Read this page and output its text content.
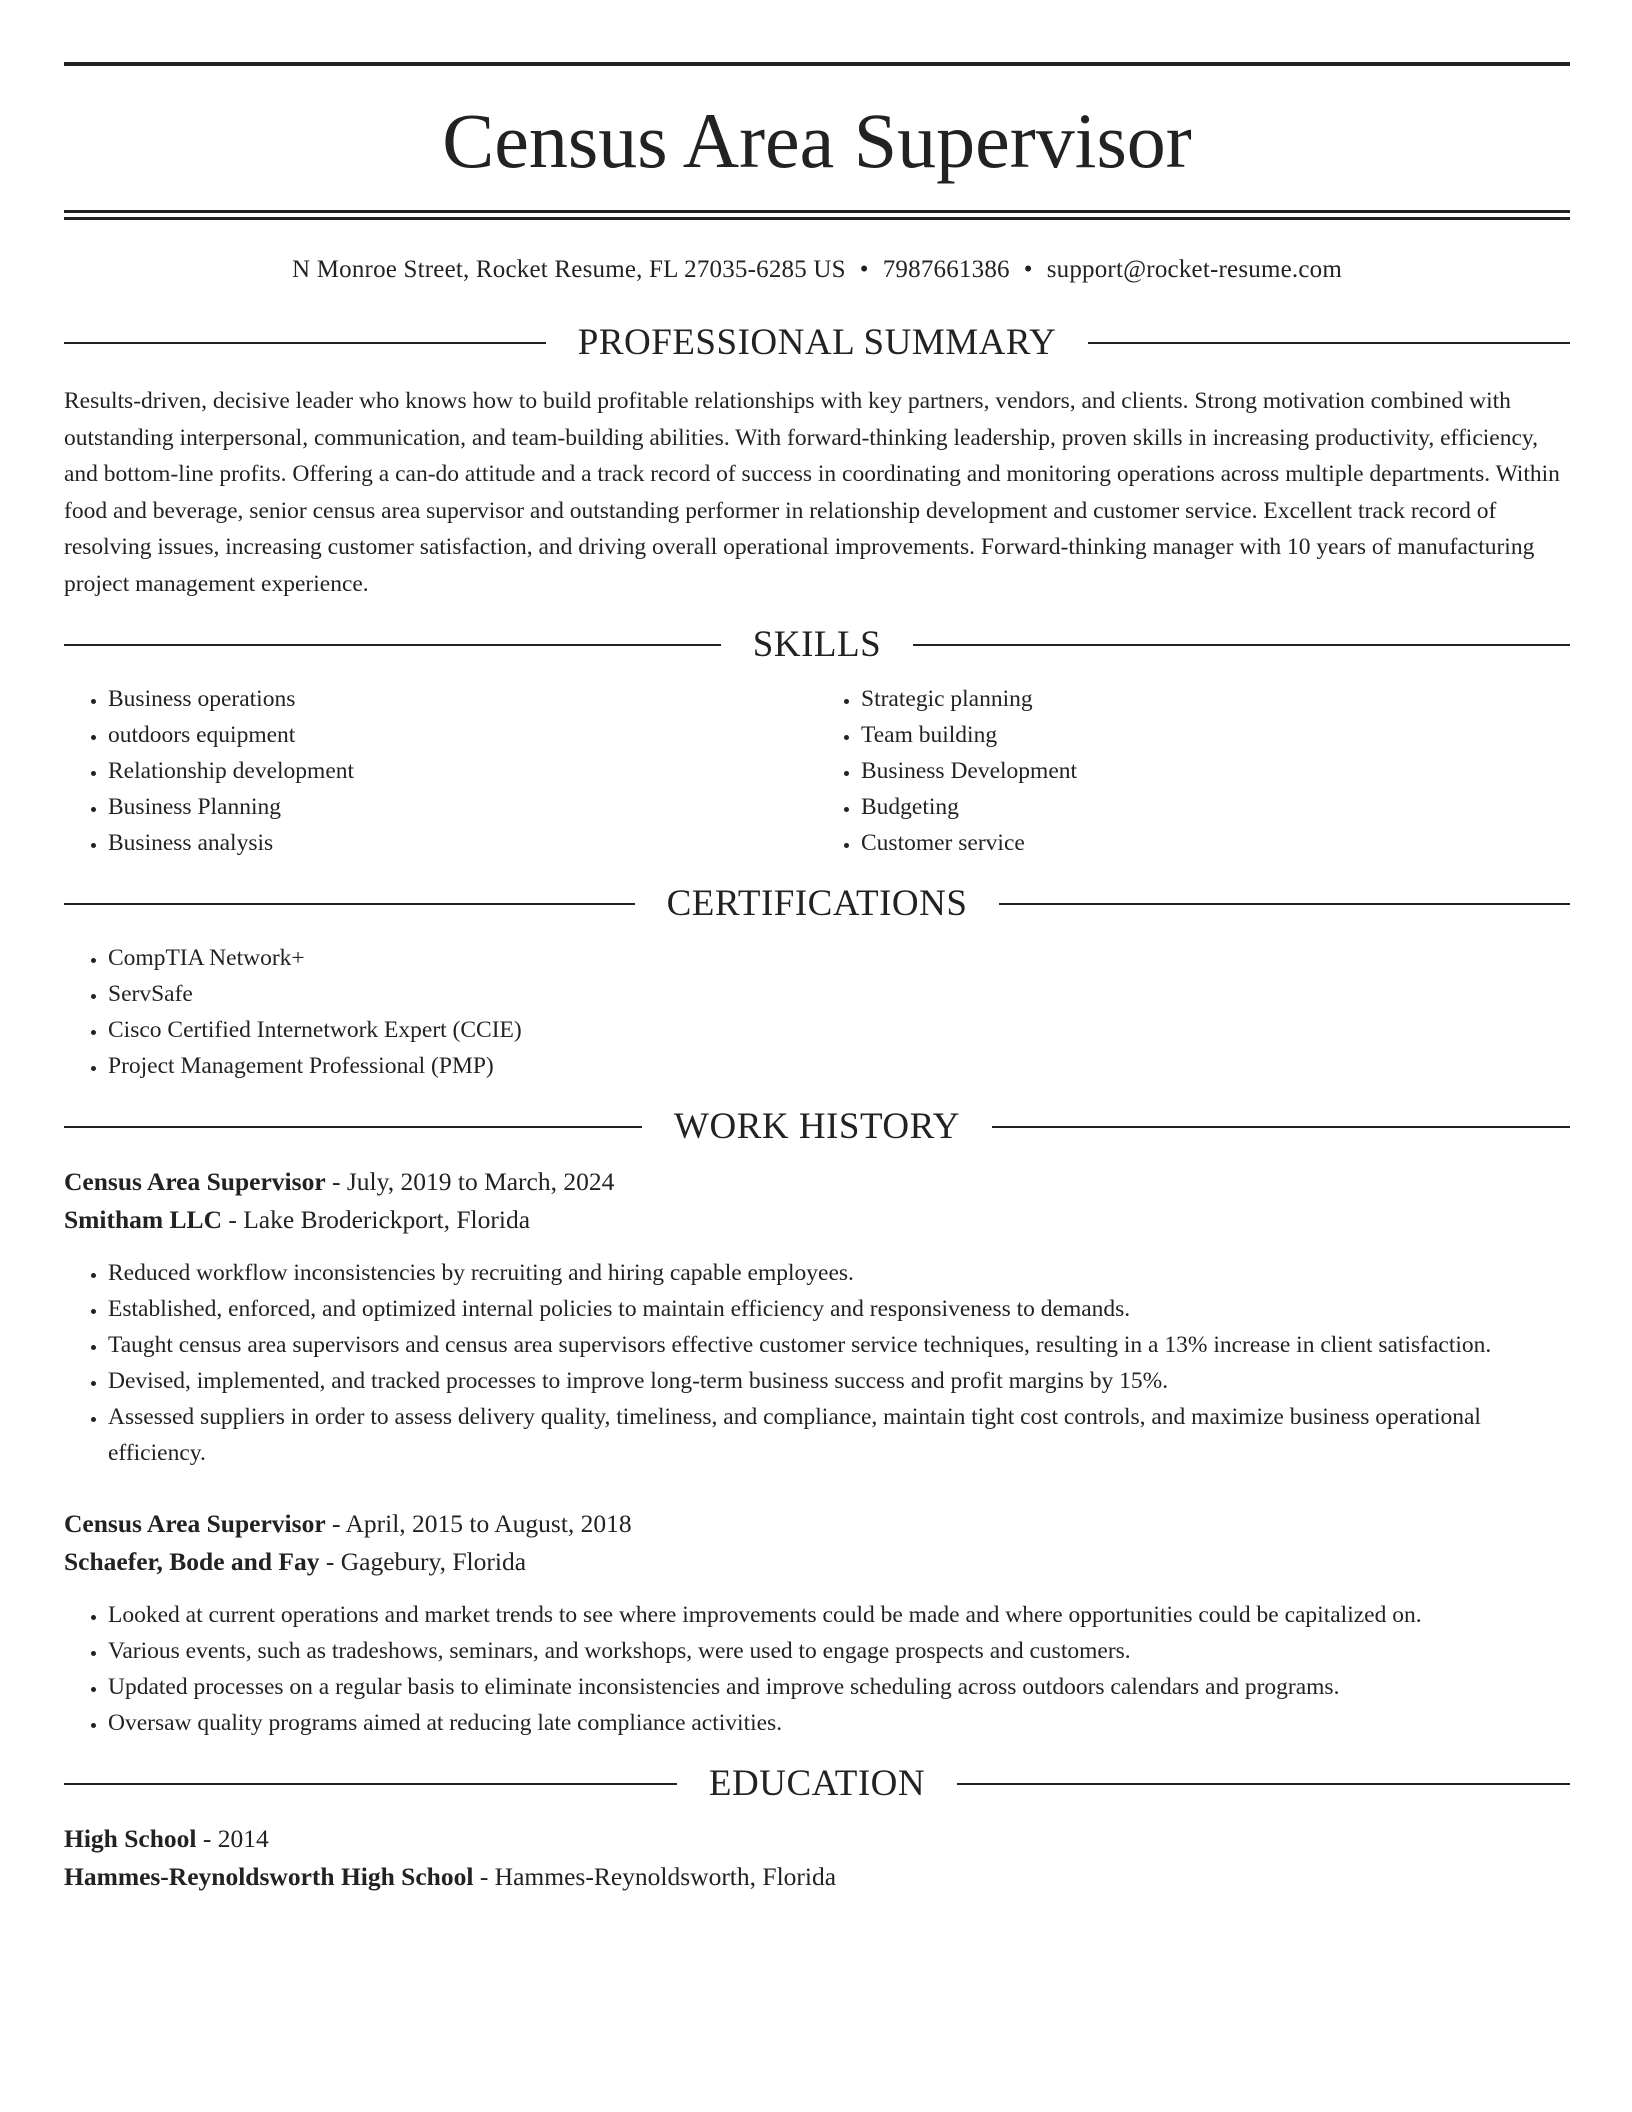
Census Area Supervisor
N Monroe Street, Rocket Resume, FL 27035-6285 US • 7987661386 • support@rocket-resume.com
PROFESSIONAL SUMMARY

Results-driven, decisive leader who knows how to build profitable relationships with key partners, vendors, and clients. Strong motivation combined with outstanding interpersonal, communication, and team-building abilities. With forward-thinking leadership, proven skills in increasing productivity, efficiency, and bottom-line profits. Offering a can-do attitude and a track record of success in coordinating and monitoring operations across multiple departments. Within food and beverage, senior census area supervisor and outstanding performer in relationship development and customer service. Excellent track record of resolving issues, increasing customer satisfaction, and driving overall operational improvements. Forward-thinking manager with 10 years of manufacturing project management experience.

SKILLS
• Business operations
• outdoors equipment
• Relationship development
• Business Planning
• Business analysis
• Strategic planning
• Team building
• Business Development
• Budgeting
• Customer service
CERTIFICATIONS
• CompTIA Network+
• ServSafe
• Cisco Certified Internetwork Expert (CCIE)
• Project Management Professional (PMP)
WORK HISTORY

Census Area Supervisor - July, 2019 to March, 2024

Smitham LLC - Lake Broderickport, Florida

• Reduced workflow inconsistencies by recruiting and hiring capable employees.
• Established, enforced, and optimized internal policies to maintain efficiency and responsiveness to demands.
• Taught census area supervisors and census area supervisors effective customer service techniques, resulting in a 13% increase in client satisfaction.
• Devised, implemented, and tracked processes to improve long-term business success and profit margins by 15%.
• Assessed suppliers in order to assess delivery quality, timeliness, and compliance, maintain tight cost controls, and maximize business operational efficiency.

Census Area Supervisor - April, 2015 to August, 2018

Schaefer, Bode and Fay - Gagebury, Florida

• Looked at current operations and market trends to see where improvements could be made and where opportunities could be capitalized on.
• Various events, such as tradeshows, seminars, and workshops, were used to engage prospects and customers.
• Updated processes on a regular basis to eliminate inconsistencies and improve scheduling across outdoors calendars and programs.
• Oversaw quality programs aimed at reducing late compliance activities.
EDUCATION

High School - 2014

Hammes-Reynoldsworth High School - Hammes-Reynoldsworth, Florida
